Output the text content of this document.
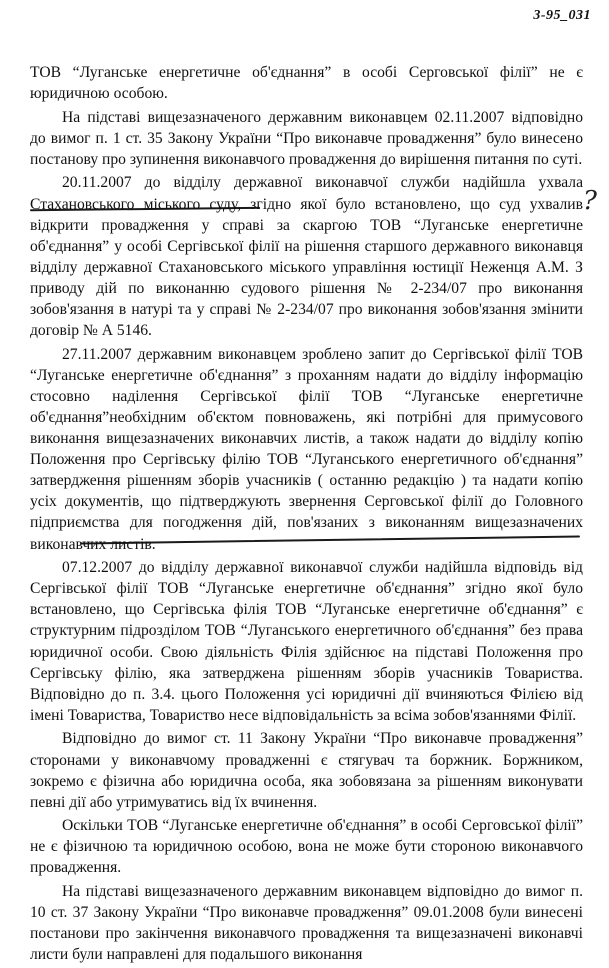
3-95_031
?

ТОВ “Луганське енергетичне об'єднання” в особі Серговської філії” не є юридичною особою.

На підставі вищезазначеного державним виконавцем 02.11.2007 відповідно до вимог п. 1 ст. 35 Закону України “Про виконавче провадження” було винесено постанову про зупинення виконавчого провадження до вирішення питання по суті.

20.11.2007 до відділу державної виконавчої служби надійшла ухвала Стахановського міського суду, згідно якої було встановлено, що суд ухвалив відкрити провадження у справі за скаргою ТОВ “Луганське енергетичне об'єднання” у особі Сергівської філії на рішення старшого державного виконавця відділу державної Стахановського міського управління юстиції Неженця А.М. З приводу дій по виконанню судового рішення № 2-234/07 про виконання зобов'язання в натурі та у справі № 2-234/07 про виконання зобов'язання змінити договір № А 5146.

27.11.2007 державним виконавцем зроблено запит до Сергівської філії ТОВ “Луганське енергетичне об'єднання” з проханням надати до відділу інформацію стосовно наділення Сергівської філії ТОВ “Луганське енергетичне об'єднання”необхідним об'єктом повноважень, які потрібні для примусового виконання вищезазначених виконавчих листів, а також надати до відділу копію Положення про Сергівську філію ТОВ “Луганського енергетичного об'єднання” затвердження рішенням зборів учасників ( останню редакцію ) та надати копію усіх документів, що підтверджують звернення Серговської філії до Головного підприємства для погодження дій, пов'язаних з виконанням вищезазначених виконавчих листів.

07.12.2007 до відділу державної виконавчої служби надійшла відповідь від Сергівської філії ТОВ “Луганське енергетичне об'єднання” згідно якої було встановлено, що Сергівська філія ТОВ “Луганське енергетичне об'єднання” є структурним підрозділом ТОВ “Луганського енергетичного об'єднання” без права юридичної особи. Свою діяльність Філія здійснює на підставі Положення про Сергівську філію, яка затверджена рішенням зборів учасників Товариства. Відповідно до п. 3.4. цього Положення усі юридичні дії вчиняються Філією від імені Товариства, Товариство несе відповідальність за всіма зобов'язаннями Філії.

Відповідно до вимог ст. 11 Закону України “Про виконавче провадження” сторонами у виконавчому провадженні є стягувач та боржник. Боржником, зокремо є фізична або юридична особа, яка зобовязана за рішенням виконувати певні дії або утримуватись від їх вчинення.

Оскільки ТОВ “Луганське енергетичне об'єднання” в особі Серговської філії” не є фізичною та юридичною особою, вона не може бути стороною виконавчого провадження.

На підставі вищезазначеного державним виконавцем відповідно до вимог п. 10 ст. 37 Закону України “Про виконавче провадження” 09.01.2008 були винесені постанови про закінчення виконавчого провадження та вищезазначені виконавчі листи були направлені для подальшого виконання
